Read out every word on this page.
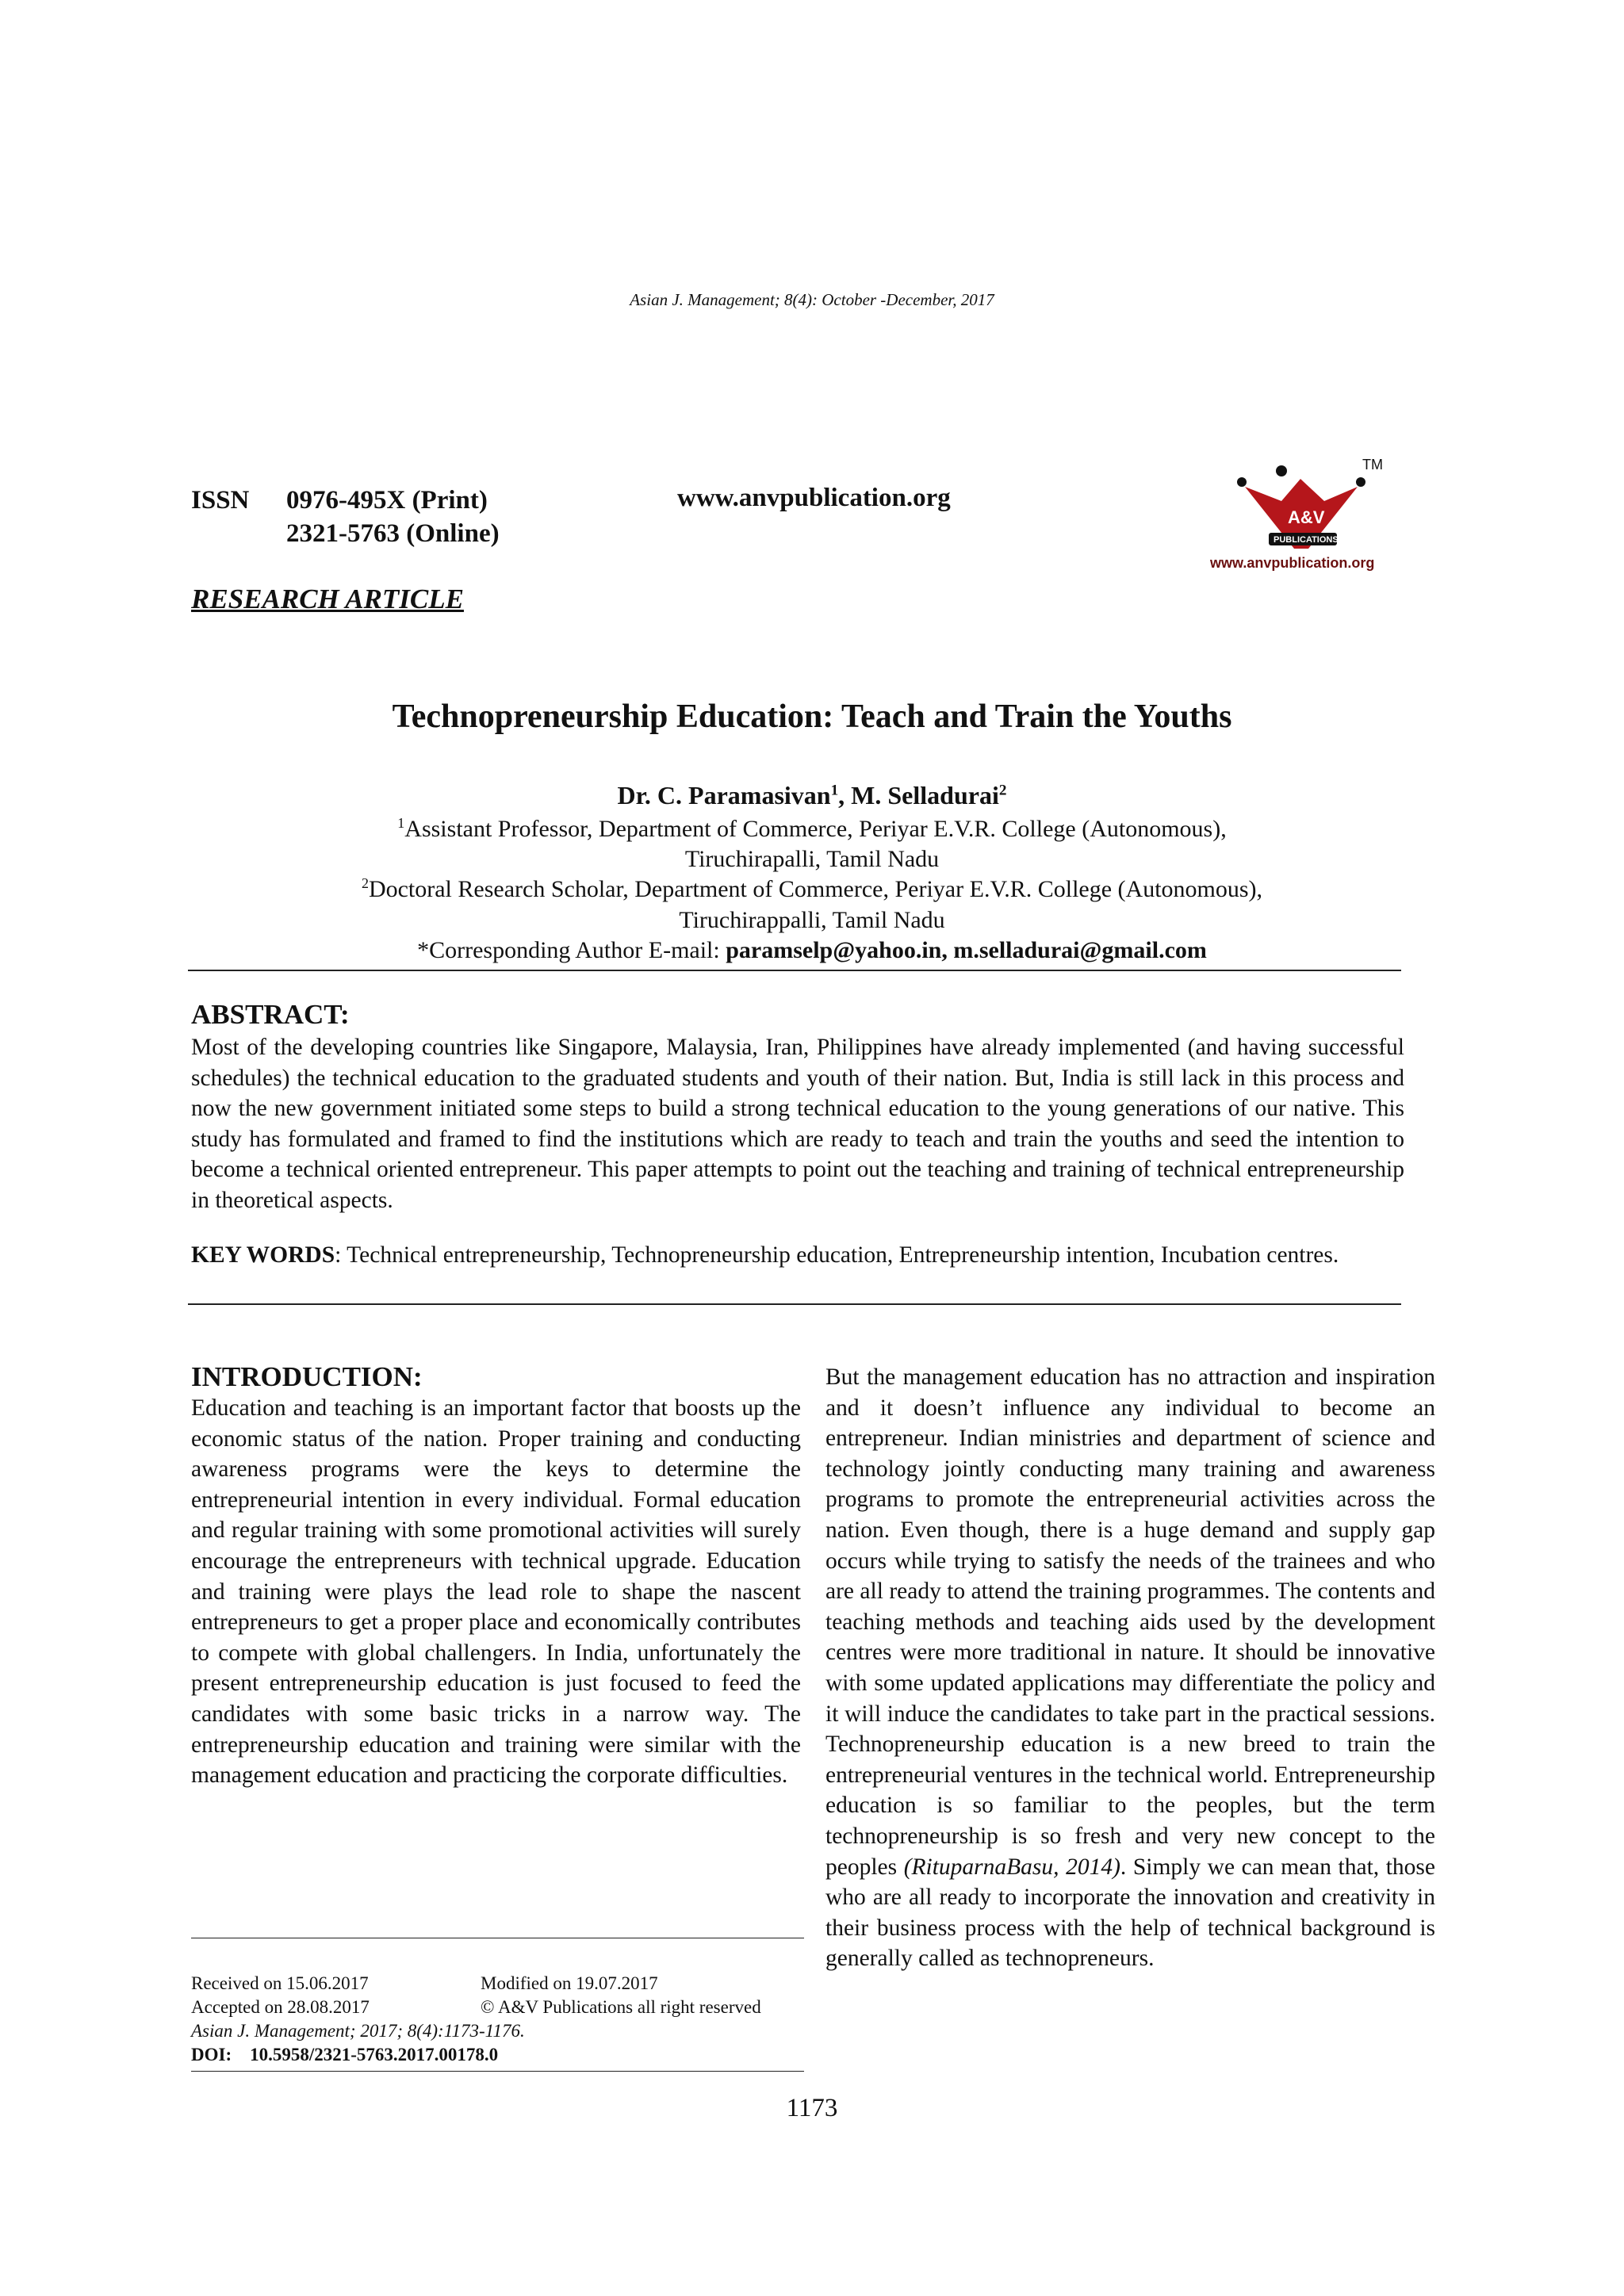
Asian J. Management; 8(4): October -December, 2017
ISSN 0976-495X (Print)
2321-5763 (Online)
www.anvpublication.org
A&V
PUBLICATIONS
TM
www.anvpublication.org
RESEARCH ARTICLE
Technopreneurship Education: Teach and Train the Youths
Dr. C. Paramasivan$^1$, M. Selladurai$^2$
$^1$Assistant Professor, Department of Commerce, Periyar E.V.R. College (Autonomous),
Tiruchirapalli, Tamil Nadu
$^2$Doctoral Research Scholar, Department of Commerce, Periyar E.V.R. College (Autonomous),
Tiruchirappalli, Tamil Nadu
*Corresponding Author E-mail: paramselp@yahoo.in, m.selladurai@gmail.com
ABSTRACT:
Most of the developing countries like Singapore, Malaysia, Iran, Philippines have already implemented (and having successful schedules) the technical education to the graduated students and youth of their nation. But, India is still lack in this process and now the new government initiated some steps to build a strong technical education to the young generations of our native. This study has formulated and framed to find the institutions which are ready to teach and train the youths and seed the intention to become a technical oriented entrepreneur. This paper attempts to point out the teaching and training of technical entrepreneurship in theoretical aspects.
KEY WORDS: Technical entrepreneurship, Technopreneurship education, Entrepreneurship intention, Incubation centres.
INTRODUCTION:
Education and teaching is an important factor that boosts up the economic status of the nation. Proper training and conducting awareness programs were the keys to determine the entrepreneurial intention in every individual. Formal education and regular training with some promotional activities will surely encourage the entrepreneurs with technical upgrade. Education and training were plays the lead role to shape the nascent entrepreneurs to get a proper place and economically contributes to compete with global challengers. In India, unfortunately the present entrepreneurship education is just focused to feed the candidates with some basic tricks in a narrow way. The entrepreneurship education and training were similar with the management education and practicing the corporate difficulties.
But the management education has no attraction and inspiration and it doesn’t influence any individual to become an entrepreneur. Indian ministries and department of science and technology jointly conducting many training and awareness programs to promote the entrepreneurial activities across the nation. Even though, there is a huge demand and supply gap occurs while trying to satisfy the needs of the trainees and who are all ready to attend the training programmes. The contents and teaching methods and teaching aids used by the development centres were more traditional in nature. It should be innovative with some updated applications may differentiate the policy and it will induce the candidates to take part in the practical sessions. Technopreneurship education is a new breed to train the entrepreneurial ventures in the technical world. Entrepreneurship education is so familiar to the peoples, but the term technopreneurship is so fresh and very new concept to the peoples (RituparnaBasu, 2014). Simply we can mean that, those who are all ready to incorporate the innovation and creativity in their business process with the help of technical background is generally called as technopreneurs.
Received on 15.06.2017	Modified on 19.07.2017
Accepted on 28.08.2017	© A&V Publications all right reserved
Asian J. Management; 2017; 8(4):1173-1176.
DOI: 10.5958/2321-5763.2017.00178.0
1173
